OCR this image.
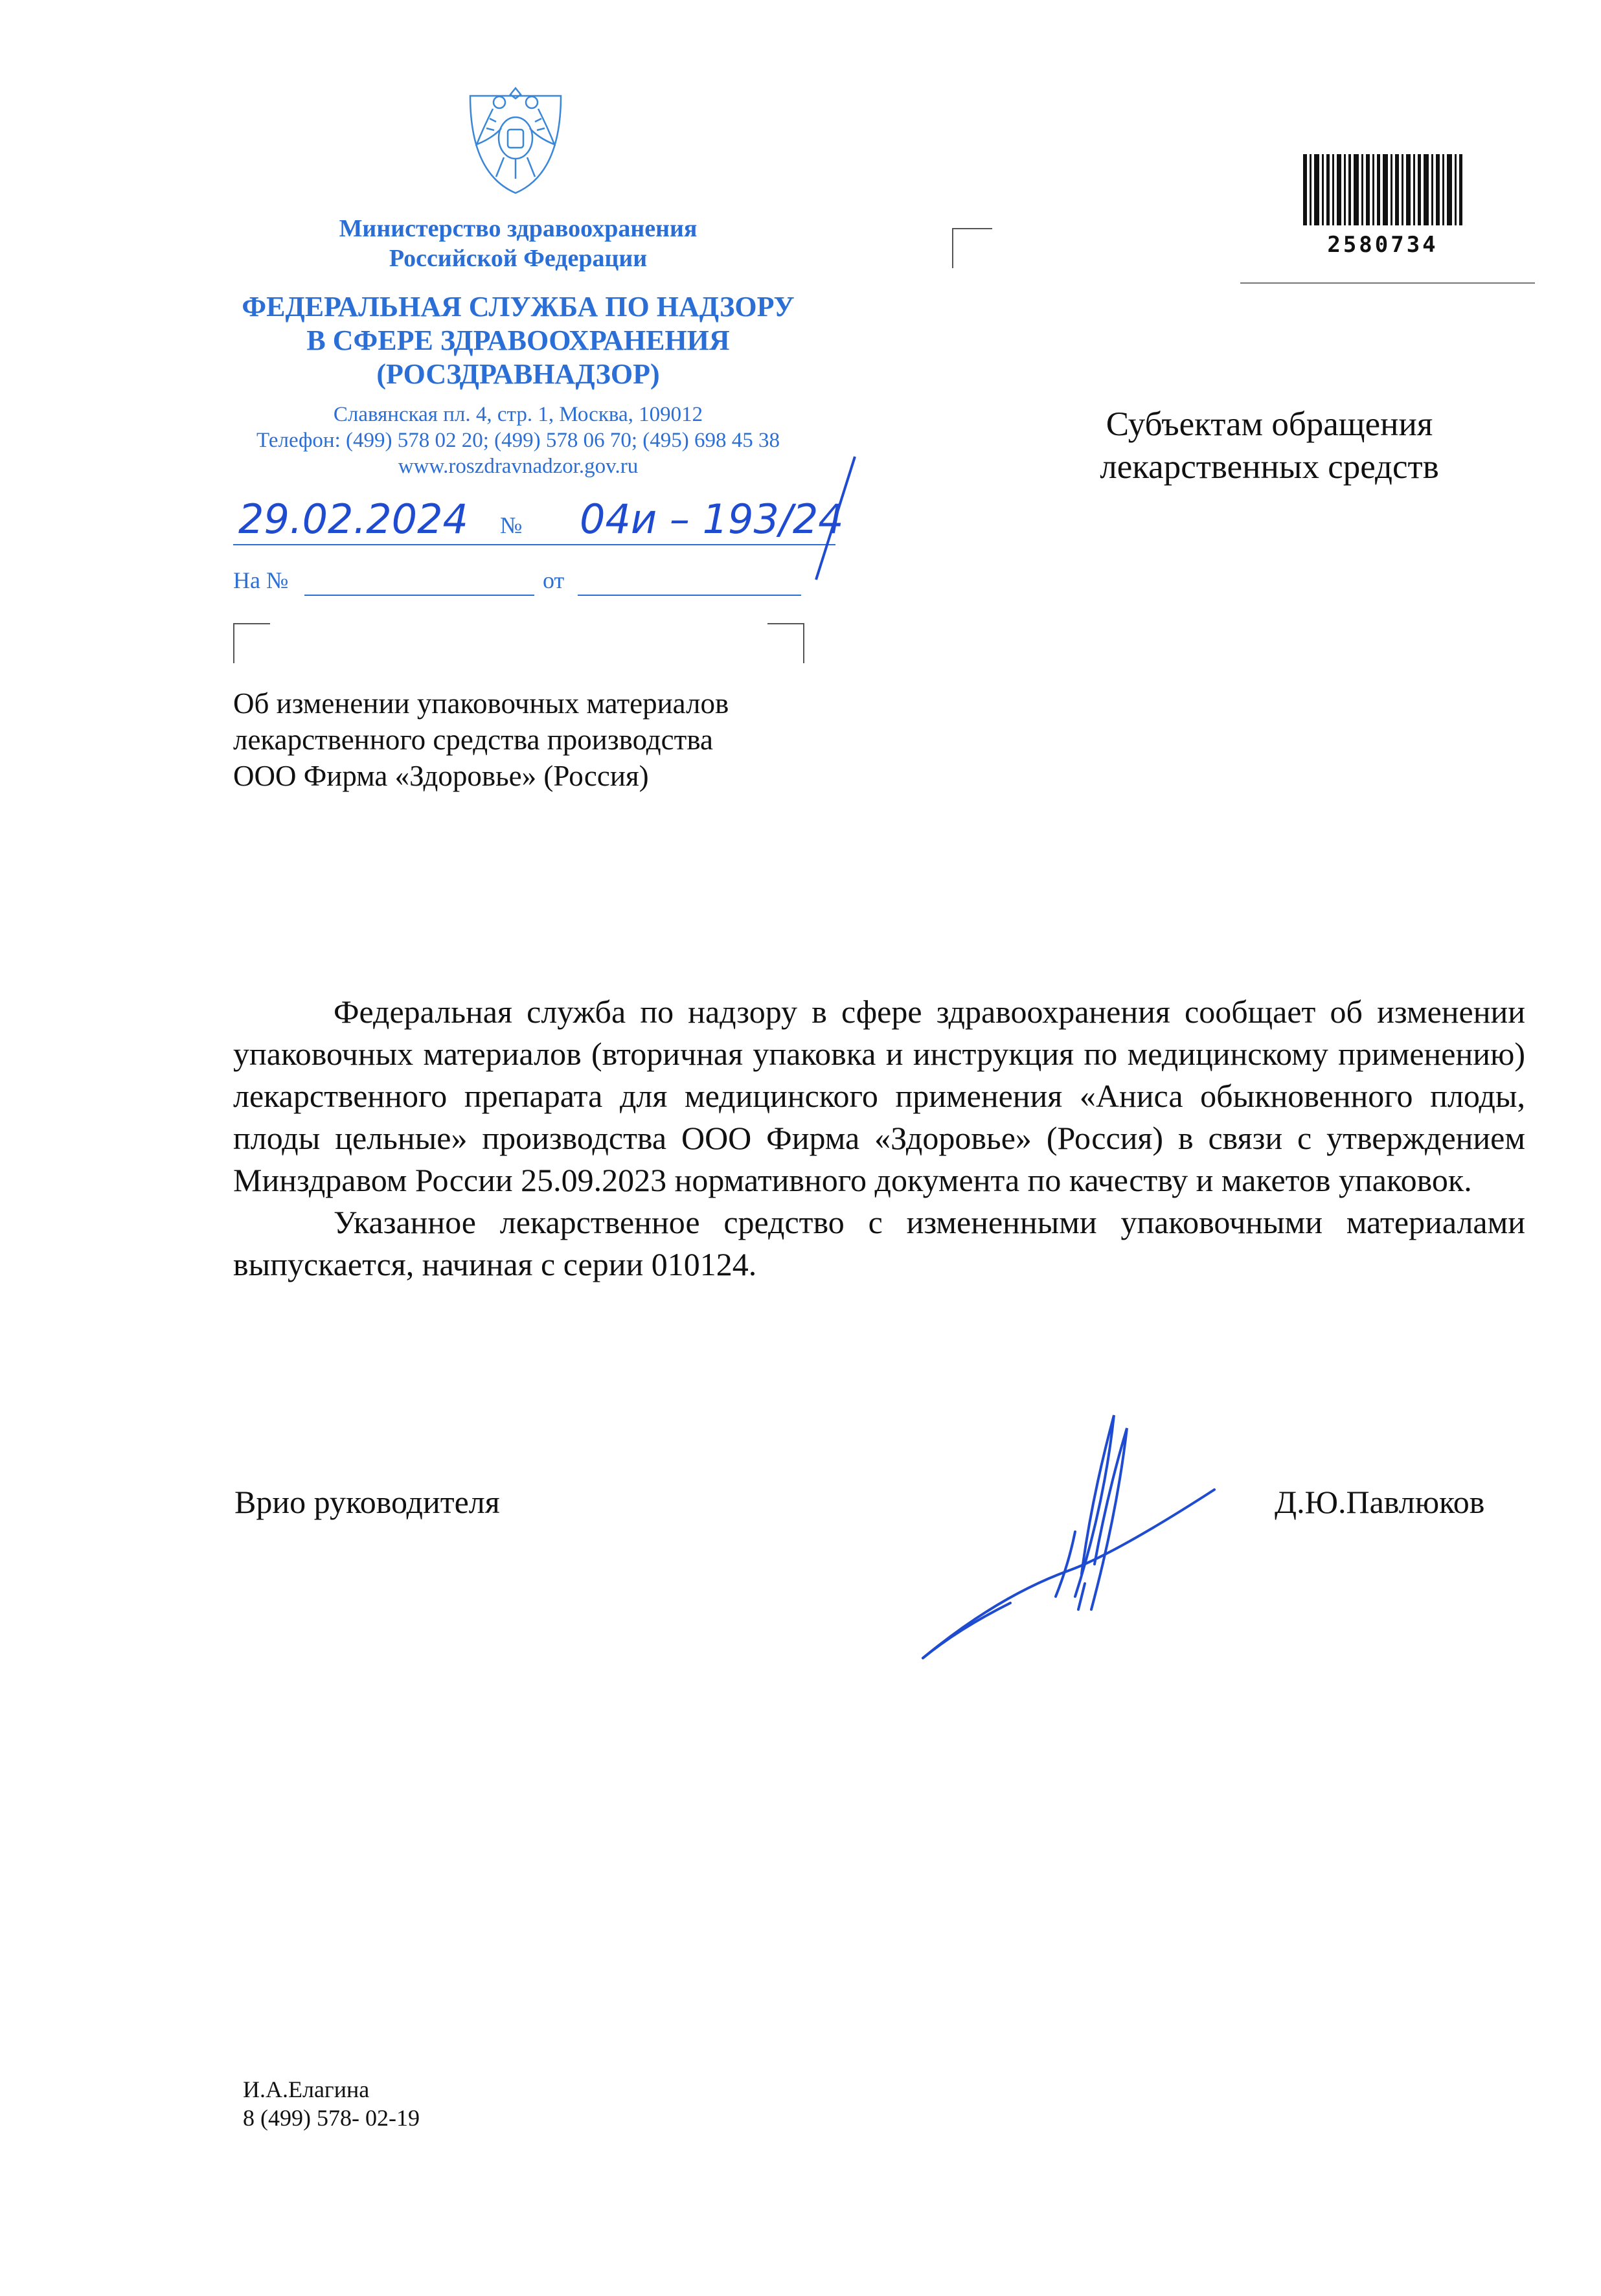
Министерство здравоохранения
Российской Федерации
ФЕДЕРАЛЬНАЯ СЛУЖБА ПО НАДЗОРУ
В СФЕРЕ ЗДРАВООХРАНЕНИЯ
(РОСЗДРАВНАДЗОР)
Славянская пл. 4, стр. 1, Москва, 109012
Телефон: (499) 578 02 20; (499) 578 06 70; (495) 698 45 38
www.roszdravnadzor.gov.ru
2580734
29.02.2024 № 04и – 193/24
На №	от
Субъектам обращения
лекарственных средств
Об изменении упаковочных материалов
лекарственного средства производства
ООО Фирма «Здоровье» (Россия)

Федеральная служба по надзору в сфере здравоохранения сообщает об изменении упаковочных материалов (вторичная упаковка и инструкция по медицинскому применению) лекарственного препарата для медицинского применения «Аниса обыкновенного плоды, плоды цельные» производства ООО Фирма «Здоровье» (Россия) в связи с утверждением Минздравом России 25.09.2023 нормативного документа по качеству и макетов упаковок.

Указанное лекарственное средство с измененными упаковочными материалами выпускается, начиная с серии 010124.

Врио руководителя	Д.Ю.Павлюков
И.А.Елагина
8 (499) 578- 02-19
